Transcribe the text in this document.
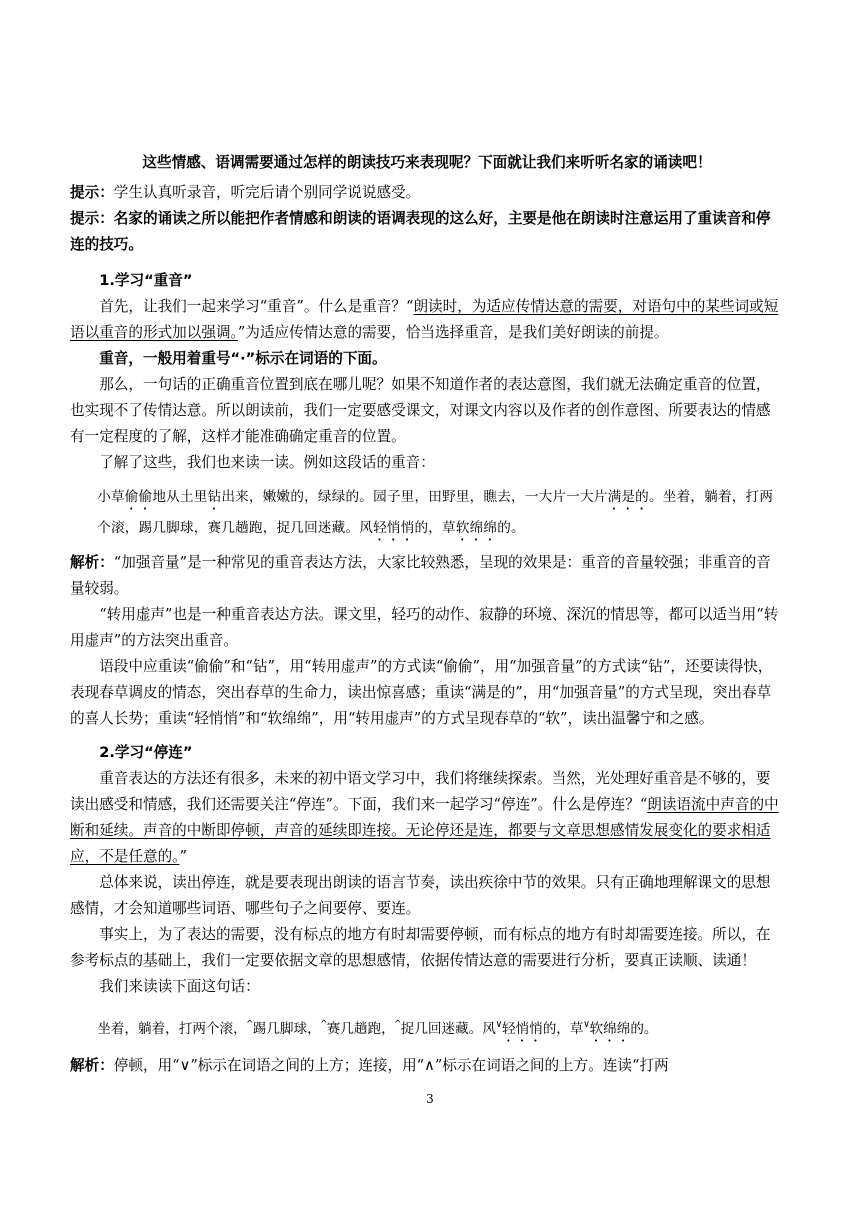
这些情感、语调需要通过怎样的朗读技巧来表现呢？下面就让我们来听听名家的诵读吧！

提示：学生认真听录音，听完后请个别同学说说感受。

提示：名家的诵读之所以能把作者情感和朗读的语调表现的这么好，主要是他在朗读时注意运用了重读音和停连的技巧。

1.学习“重音”

首先，让我们一起来学习“重音”。什么是重音？“朗读时，为适应传情达意的需要，对语句中的某些词或短语以重音的形式加以强调。”为适应传情达意的需要，恰当选择重音，是我们美好朗读的前提。

重音，一般用着重号“·”标示在词语的下面。

那么，一句话的正确重音位置到底在哪儿呢？如果不知道作者的表达意图，我们就无法确定重音的位置，也实现不了传情达意。所以朗读前，我们一定要感受课文，对课文内容以及作者的创作意图、所要表达的情感有一定程度的了解，这样才能准确确定重音的位置。

了解了这些，我们也来读一读。例如这段话的重音：

小草偷偷地从土里钻出来，嫩嫩的，绿绿的。园子里，田野里，瞧去，一大片一大片满是的。坐着，躺着，打两个滚，踢几脚球，赛几趟跑，捉几回迷藏。风轻悄悄的，草软绵绵的。

解析：“加强音量”是一种常见的重音表达方法，大家比较熟悉，呈现的效果是：重音的音量较强；非重音的音量较弱。

“转用虚声”也是一种重音表达方法。课文里，轻巧的动作、寂静的环境、深沉的情思等，都可以适当用“转用虚声”的方法突出重音。

语段中应重读“偷偷”和“钻”，用“转用虚声”的方式读“偷偷”，用“加强音量”的方式读“钻”，还要读得快，表现春草调皮的情态，突出春草的生命力，读出惊喜感；重读“满是的”，用“加强音量”的方式呈现，突出春草的喜人长势；重读“轻悄悄”和“软绵绵”，用“转用虚声”的方式呈现春草的“软”，读出温馨宁和之感。

2.学习“停连”

重音表达的方法还有很多，未来的初中语文学习中，我们将继续探索。当然，光处理好重音是不够的，要读出感受和情感，我们还需要关注“停连”。下面，我们来一起学习“停连”。什么是停连？“朗读语流中声音的中断和延续。声音的中断即停顿，声音的延续即连接。无论停还是连，都要与文章思想感情发展变化的要求相适应，不是任意的。”

总体来说，读出停连，就是要表现出朗读的语言节奏，读出疾徐中节的效果。只有正确地理解课文的思想感情，才会知道哪些词语、哪些句子之间要停、要连。

事实上，为了表达的需要，没有标点的地方有时却需要停顿，而有标点的地方有时却需要连接。所以，在参考标点的基础上，我们一定要依据文章的思想感情，依据传情达意的需要进行分析，要真正读顺、读通！

我们来读读下面这句话：

坐着，躺着，打两个滚，^踢几脚球，^赛几趟跑，^捉几回迷藏。风∨轻悄悄的，草∨软绵绵的。

解析：停顿，用“∨”标示在词语之间的上方；连接，用“∧”标示在词语之间的上方。连读“打两

3
